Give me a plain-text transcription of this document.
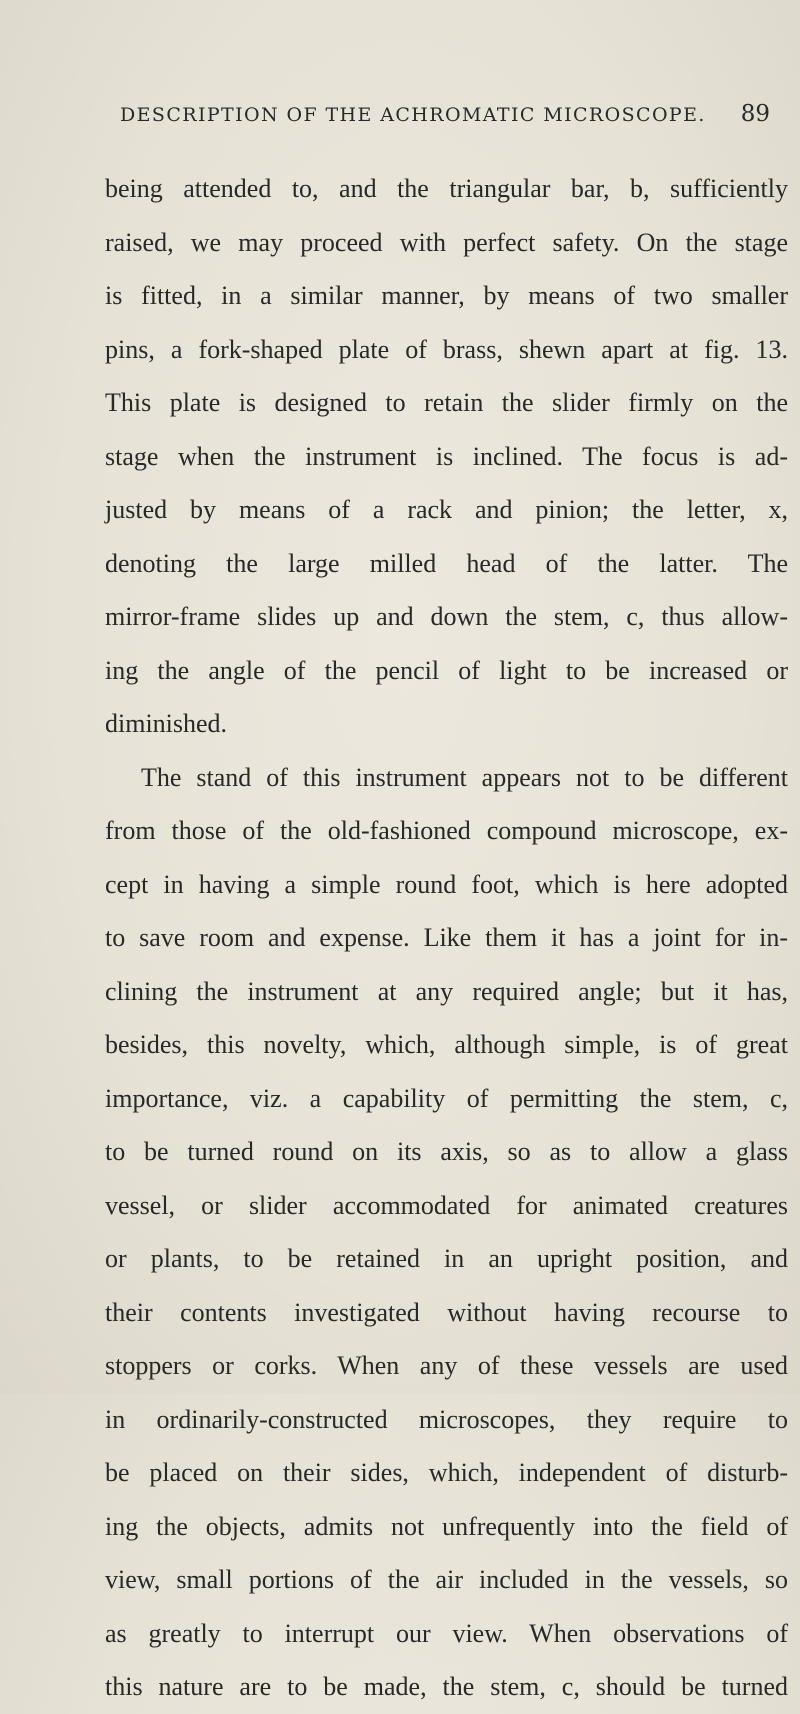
DESCRIPTION OF THE ACHROMATIC MICROSCOPE. 89
being attended to, and the triangular bar, b, sufficiently
raised, we may proceed with perfect safety. On the stage
is fitted, in a similar manner, by means of two smaller
pins, a fork-shaped plate of brass, shewn apart at fig. 13.
This plate is designed to retain the slider firmly on the
stage when the instrument is inclined. The focus is ad-
justed by means of a rack and pinion; the letter, x,
denoting the large milled head of the latter. The
mirror-frame slides up and down the stem, c, thus allow-
ing the angle of the pencil of light to be increased or
diminished.
The stand of this instrument appears not to be different
from those of the old-fashioned compound microscope, ex-
cept in having a simple round foot, which is here adopted
to save room and expense. Like them it has a joint for in-
clining the instrument at any required angle; but it has,
besides, this novelty, which, although simple, is of great
importance, viz. a capability of permitting the stem, c,
to be turned round on its axis, so as to allow a glass
vessel, or slider accommodated for animated creatures
or plants, to be retained in an upright position, and
their contents investigated without having recourse to
stoppers or corks. When any of these vessels are used
in ordinarily-constructed microscopes, they require to
be placed on their sides, which, independent of disturb-
ing the objects, admits not unfrequently into the field of
view, small portions of the air included in the vessels, so
as greatly to interrupt our view. When observations of
this nature are to be made, the stem, c, should be turned
